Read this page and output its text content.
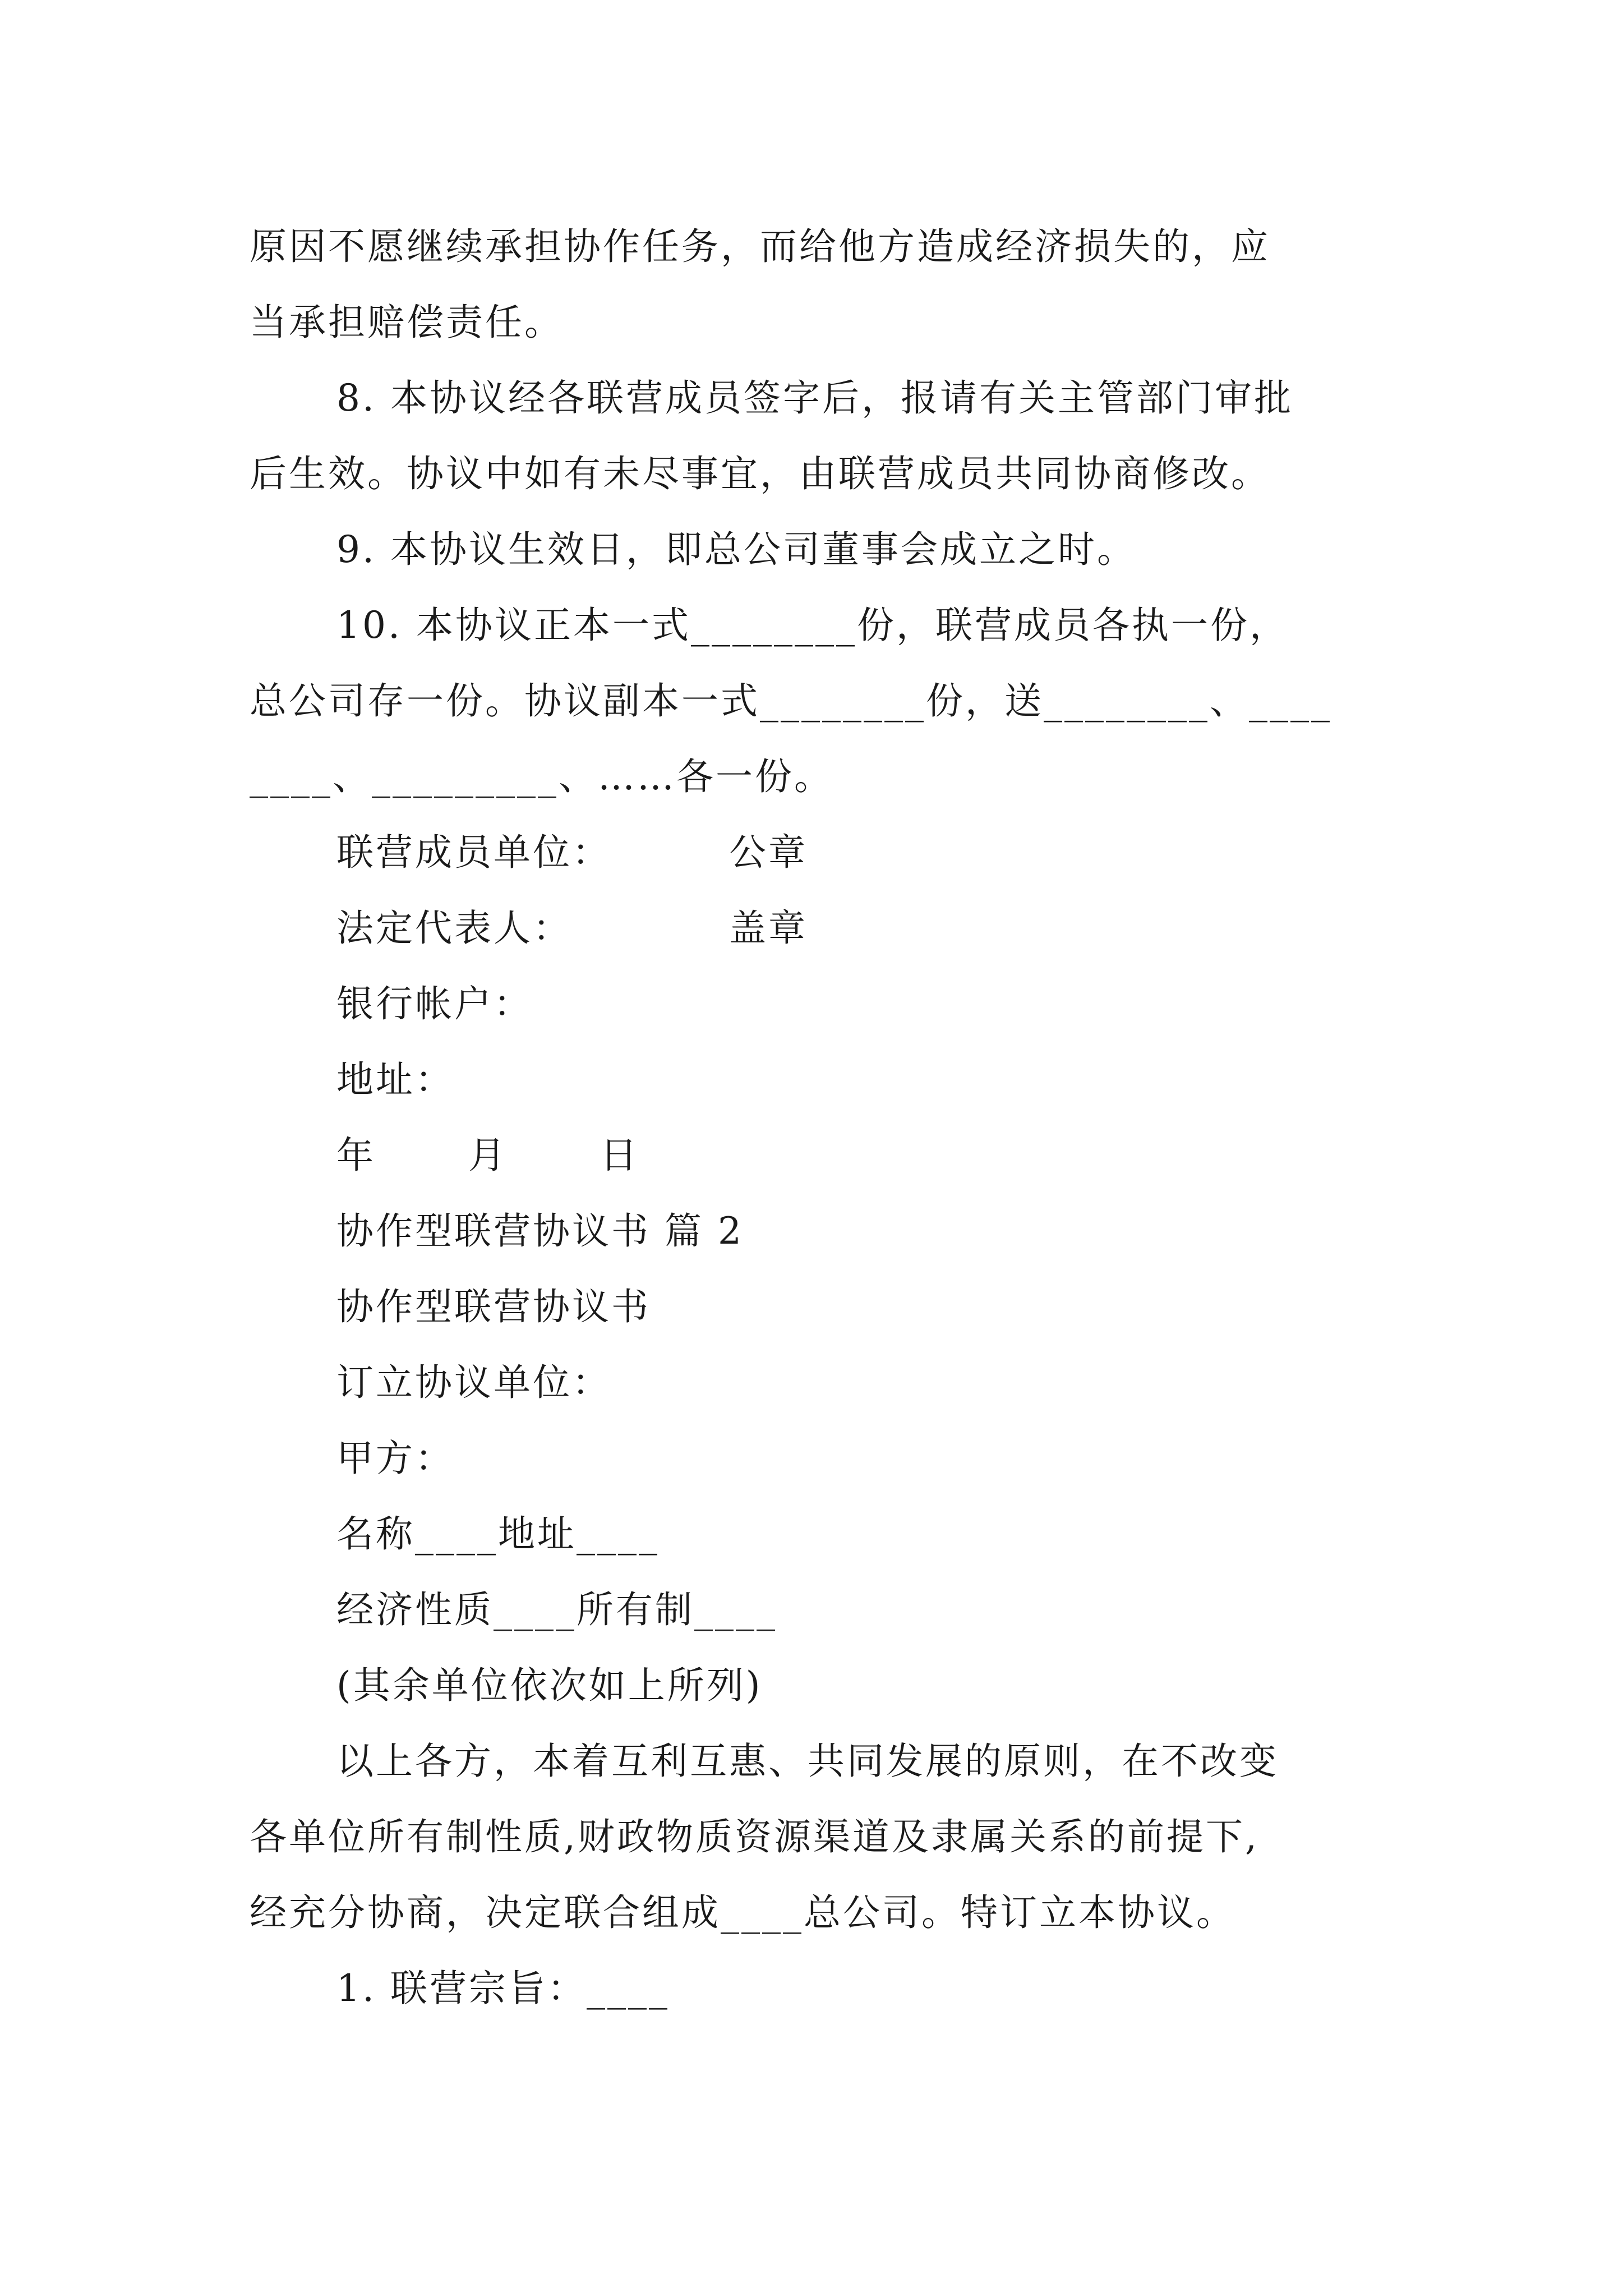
原因不愿继续承担协作任务，而给他方造成经济损失的，应
当承担赔偿责任。
8. 本协议经各联营成员签字后，报请有关主管部门审批
后生效。协议中如有未尽事宜，由联营成员共同协商修改。
9. 本协议生效日，即总公司董事会成立之时。
10. 本协议正本一式________份，联营成员各执一份，
总公司存一份。协议副本一式________份，送________、____
____、_________、……各一份。
联营成员单位：	公章
法定代表人：	盖章
银行帐户：
地址：
年	月	日
协作型联营协议书 篇 2
协作型联营协议书
订立协议单位：
甲方：
名称____地址____
经济性质____所有制____
(其余单位依次如上所列)
以上各方，本着互利互惠、共同发展的原则，在不改变
各单位所有制性质,财政物质资源渠道及隶属关系的前提下,
经充分协商，决定联合组成____总公司。特订立本协议。
1. 联营宗旨：____
